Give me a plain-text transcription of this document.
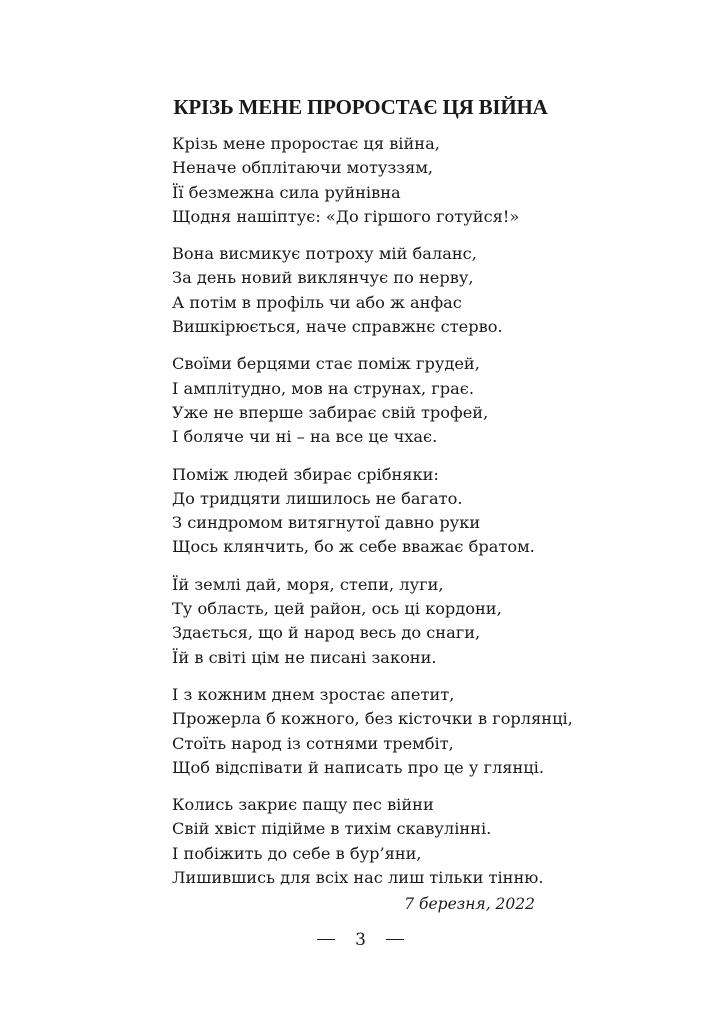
КРІЗЬ МЕНЕ ПРОРОСТАЄ ЦЯ ВІЙНА
Крізь мене проростає ця війна,
Неначе обплітаючи мотуззям,
Її безмежна сила руйнівна
Щодня нашіптує: «До гіршого готуйся!»
Вона висмикує потроху мій баланс,
За день новий виклянчує по нерву,
А потім в профіль чи або ж анфас
Вишкірюється, наче справжнє стерво.
Своїми берцями стає поміж грудей,
І амплітудно, мов на струнах, грає.
Уже не вперше забирає свій трофей,
І боляче чи ні – на все це чхає.
Поміж людей збирає срібняки:
До тридцяти лишилось не багато.
З синдромом витягнутої давно руки
Щось клянчить, бо ж себе вважає братом.
Їй землі дай, моря, степи, луги,
Ту область, цей район, ось ці кордони,
Здається, що й народ весь до снаги,
Їй в світі цім не писані закони.
І з кожним днем зростає апетит,
Прожерла б кожного, без кісточки в горлянці,
Стоїть народ із сотнями трембіт,
Щоб відспівати й написать про це у глянці.
Колись закриє пащу пес війни
Свій хвіст підійме в тихім скавулінні.
І побіжить до себе в бур’яни,
Лишившись для всіх нас лиш тільки тінню.
7 березня, 2022
3
